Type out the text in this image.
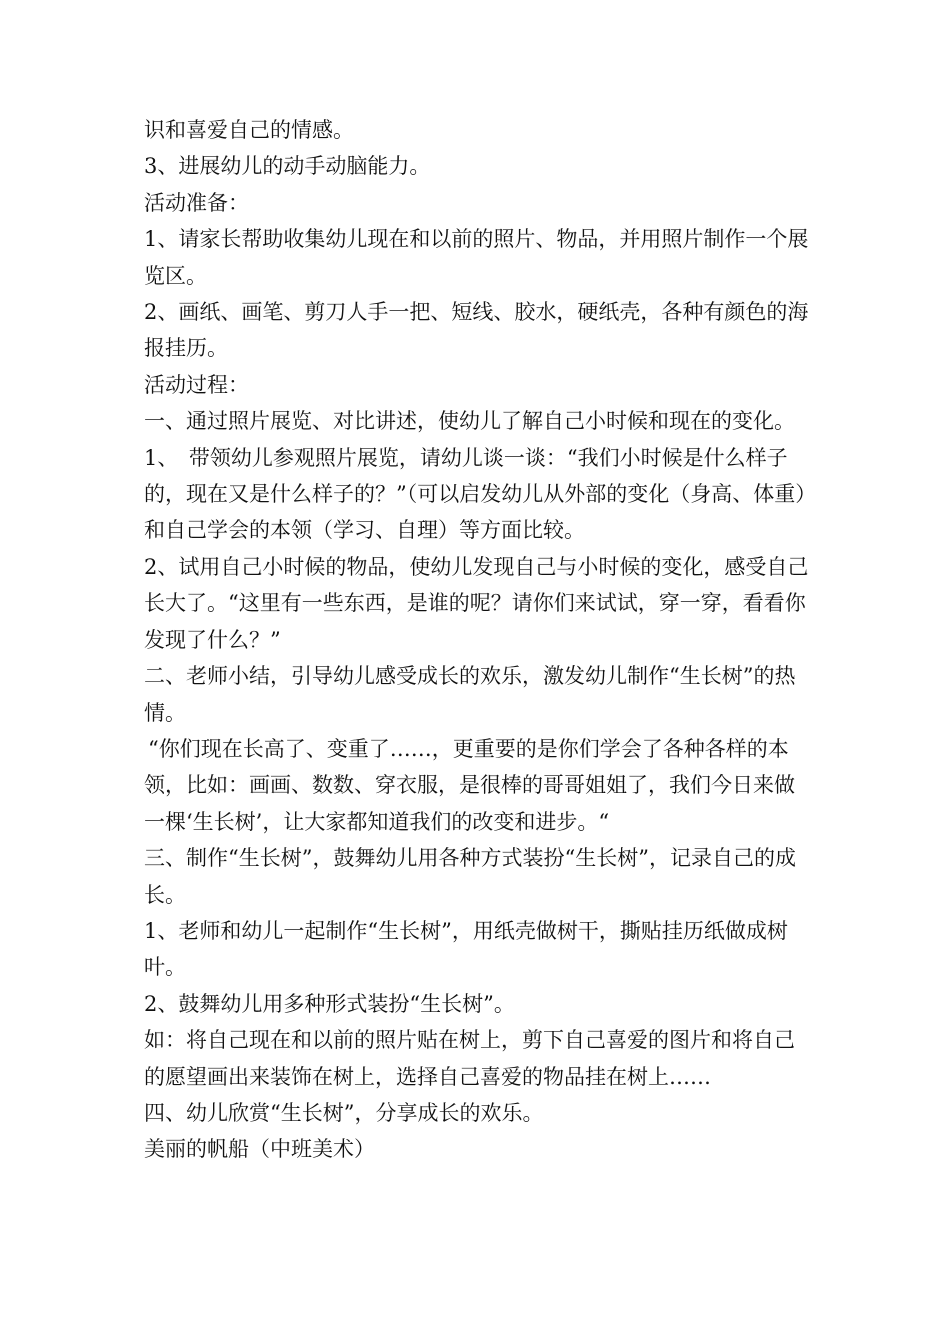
识和喜爱自己的情感。

3、进展幼儿的动手动脑能力。

活动准备：

1、请家长帮助收集幼儿现在和以前的照片、物品，并用照片制作一个展览区。

2、画纸、画笔、剪刀人手一把、短线、胶水，硬纸壳，各种有颜色的海报挂历。

活动过程：

一、通过照片展览、对比讲述，使幼儿了解自己小时候和现在的变化。

1、　带领幼儿参观照片展览，请幼儿谈一谈：“我们小时候是什么样子的，现在又是什么样子的？”（可以启发幼儿从外部的变化（身高、体重）和自己学会的本领（学习、自理）等方面比较。

2、试用自己小时候的物品，使幼儿发现自己与小时候的变化，感受自己长大了。“这里有一些东西，是谁的呢？请你们来试试，穿一穿，看看你发现了什么？”

二、老师小结，引导幼儿感受成长的欢乐，激发幼儿制作“生长树”的热情。

“你们现在长高了、变重了……，更重要的是你们学会了各种各样的本领，比如：画画、数数、穿衣服，是很棒的哥哥姐姐了，我们今日来做一棵‘生长树’，让大家都知道我们的改变和进步。“

三、制作“生长树”，鼓舞幼儿用各种方式装扮“生长树”，记录自己的成长。

1、老师和幼儿一起制作“生长树”，用纸壳做树干，撕贴挂历纸做成树叶。

2、鼓舞幼儿用多种形式装扮“生长树”。

如：将自己现在和以前的照片贴在树上，剪下自己喜爱的图片和将自己的愿望画出来装饰在树上，选择自己喜爱的物品挂在树上……

四、幼儿欣赏“生长树”，分享成长的欢乐。

美丽的帆船（中班美术）
